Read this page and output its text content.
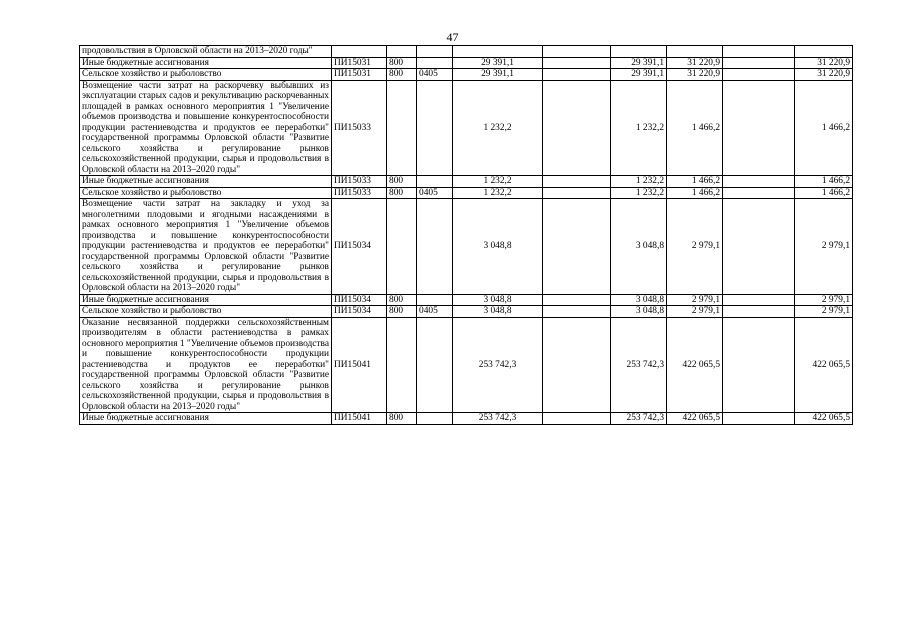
47
продовольствия в Орловской области на 2013–2020 годы"									
Иные бюджетные ассигнования	ПИ15031	800		29 391,1		29 391,1	31 220,9		31 220,9
Сельское хозяйство и рыболовство	ПИ15031	800	0405	29 391,1		29 391,1	31 220,9		31 220,9
Возмещение части затрат на раскорчевку выбывших из эксплуатации старых садов и рекультивацию раскорчеванных площадей в рамках основного мероприятия 1 "Увеличение объемов производства и повышение конкурентоспособности продукции растениеводства и продуктов ее переработки" государственной программы Орловской области "Развитие сельского хозяйства и регулирование рынков сельскохозяйственной продукции, сырья и продовольствия в Орловской области на 2013–2020 годы"	ПИ15033			1 232,2		1 232,2	1 466,2		1 466,2
Иные бюджетные ассигнования	ПИ15033	800		1 232,2		1 232,2	1 466,2		1 466,2
Сельское хозяйство и рыболовство	ПИ15033	800	0405	1 232,2		1 232,2	1 466,2		1 466,2
Возмещение части затрат на закладку и уход за многолетними плодовыми и ягодными насаждениями в рамках основного мероприятия 1 "Увеличение объемов производства и повышение конкурентоспособности продукции растениеводства и продуктов ее переработки" государственной программы Орловской области "Развитие сельского хозяйства и регулирование рынков сельскохозяйственной продукции, сырья и продовольствия в Орловской области на 2013–2020 годы"	ПИ15034			3 048,8		3 048,8	2 979,1		2 979,1
Иные бюджетные ассигнования	ПИ15034	800		3 048,8		3 048,8	2 979,1		2 979,1
Сельское хозяйство и рыболовство	ПИ15034	800	0405	3 048,8		3 048,8	2 979,1		2 979,1
Оказание несвязанной поддержки сельскохозяйственным производителям в области растениеводства в рамках основного мероприятия 1 "Увеличение объемов производства и повышение конкурентоспособности продукции растениеводства и продуктов ее переработки" государственной программы Орловской области "Развитие сельского хозяйства и регулирование рынков сельскохозяйственной продукции, сырья и продовольствия в Орловской области на 2013–2020 годы"	ПИ15041			253 742,3		253 742,3	422 065,5		422 065,5
Иные бюджетные ассигнования	ПИ15041	800		253 742,3		253 742,3	422 065,5		422 065,5
